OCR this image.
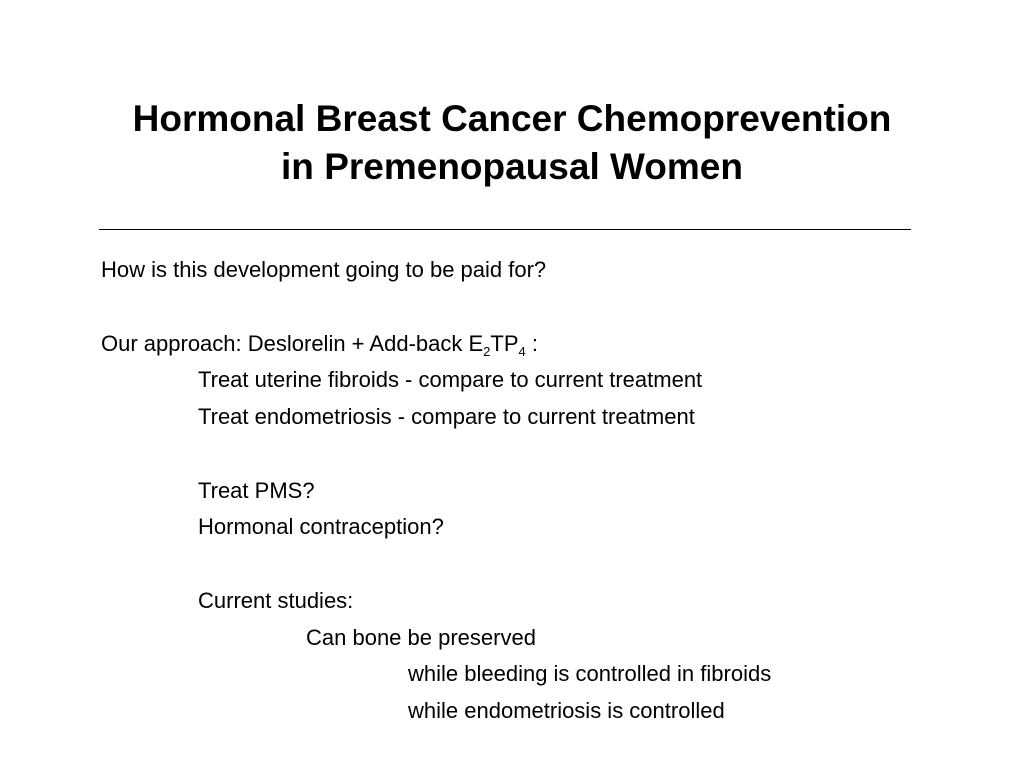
Hormonal Breast Cancer Chemoprevention
in Premenopausal Women
How is this development going to be paid for?
Our approach: Deslorelin + Add-back $E_2TP_4$ :
Treat uterine fibroids - compare to current treatment
Treat endometriosis - compare to current treatment
Treat PMS?
Hormonal contraception?
Current studies:
Can bone be preserved
while bleeding is controlled in fibroids
while endometriosis is controlled
